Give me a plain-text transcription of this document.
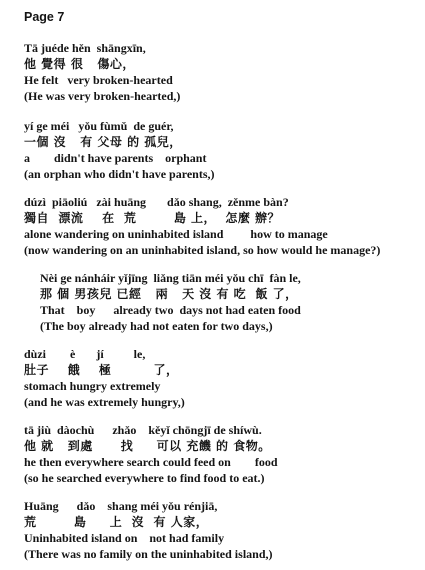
Page 7
Tā juéde hěn  shāngxīn,
他 覺得 很   傷心，
He felt   very broken-hearted
(He was very broken-hearted,)
yí ge méi   yǒu fùmǔ  de guér,
一個 沒   有 父母 的 孤兒，
a        didn't have parents    orphant
(an orphan who didn't have parents,)
dúzì  piāoliú   zài huāng       dǎo shang,  zěnme bàn?
獨自  漂流    在  荒        島 上，  怎麼 辦？
alone wandering on uninhabited island         how to manage
(now wandering on an uninhabited island, so how would he manage?)
Nèi ge nánháir yǐjīng  liǎng tiān méi yǒu chī  fàn le,
那 個 男孩兒 已經   兩   天 沒 有 吃  飯 了，
That    boy      already two  days not had eaten food
(The boy already had not eaten for two days,)
dùzi        è       jí          le,
肚子    餓    極         了，
stomach hungry extremely
(and he was extremely hungry,)
tā jiù  dàochù      zhǎo    kěyǐ chōngjī de shíwù.
他 就   到處      找     可以 充饑 的 食物。
he then everywhere search could feed on        food
(so he searched everywhere to find food to eat.)
Huāng      dǎo    shang méi yǒu rénjiā,
荒        島     上  沒  有 人家，
Uninhabited island on    not had family
(There was no family on the uninhabited island,)
